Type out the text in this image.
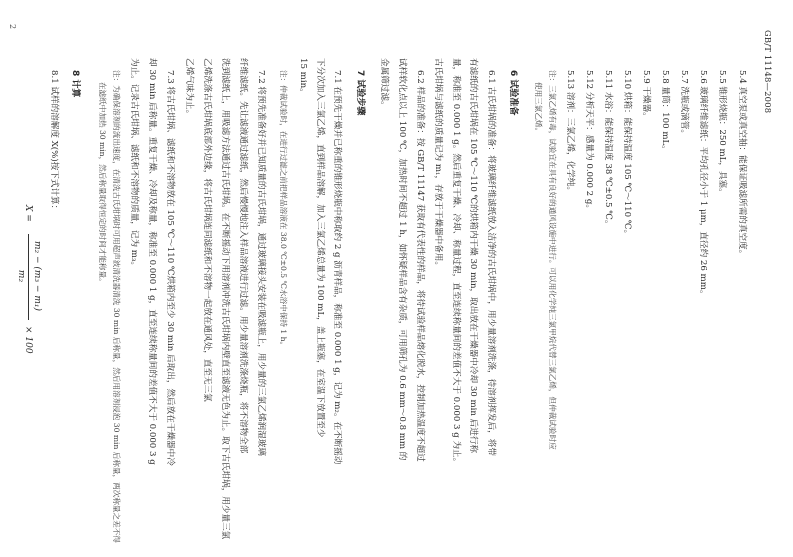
GB/T 11148—2008
5.4 真空泵或真空抽：能保证吸滤所需的真空度。
5.5 锥形烧瓶：250 mL，具塞。
5.6 玻璃纤维滤纸：平均孔径小于 1 μm，直径约 26 mm。
5.7 洗瓶或滴管。
5.8 量筒：100 mL。
5.9 干燥器。
5.10 烘箱：能保持温度 105 ℃～110 ℃。
5.11 水浴：能保持温度 38 ℃±0.5 ℃。
5.12 分析天平：感量为 0.000 2 g。
5.13 溶剂：三氯乙烯，化学纯。
注：三氯乙烯有毒，试验宜在具有良好的通风设施中进行。可以用化学纯三氯甲烷代替三氯乙烯，但仲裁试验时应
使用三氯乙烯。
6 试验准备
6.1 古氏坩埚的准备：将玻璃纤维滤纸放入洁净的古氏坩埚中，用少量溶剂洗涤，待溶剂挥发后，将带
有滤纸的古氏坩埚在 105 ℃～110 ℃的烘箱内干燥 30 min，取出放在干燥器中冷却 30 min 后进行称
量，称准至 0.000 1 g。然后重复干燥、冷却、称量过程，直至连续称量间的差值不大于 0.000 3 g 为止。
古氏坩埚与滤纸的质量记为 m₁，存放于干燥器中备用。
6.2 样品的准备：按 GB/T 11147 获取有代表性的样品，将待试验样品熔化脱水，控制加热温度不超过
试样软化点以上 100 ℃，加热时间不超过 1 h，如怀疑样品含有杂质，可用筛孔为 0.6 mm～0.8 mm 的
金属筛过滤。
7 试验步骤
7.1 在预先干燥并已称重的锥形烧瓶中称取约 2 g 沥青样品，称准至 0.000 1 g，记为 m₂。在不断摇动
下分次加入三氯乙烯，直到样品溶解，加入三氯乙烯总量为 100 mL，盖上瓶塞，在室温下放置至少
15 min。
注：仲裁试验时，在进行过滤之前把样品溶液在 38.0 ℃±0.5 ℃水浴中保持 1 h。
7.2 将预先准备好并已知质量的古氏坩埚，通过玻璃接头安装在吸滤瓶上，用少量的三氯乙烯润湿玻璃
纤维滤纸。先让滤液通过滤纸，然后慢慢地注入样品溶液进行过滤。用少量溶剂洗涤烧瓶，将不溶物全部
洗到滤纸上，用吸滤方法通过古氏坩埚。在不断摇动下用溶剂冲洗古氏坩埚内壁直至滤液无色为止。取下古氏坩埚，用少量三氯
乙烯洗涤古氏坩埚底部外边缘，将古氏坩埚连同滤纸和不溶物一起放在通风处，直至无三氯
乙烯气味为止。
7.3 将古氏坩埚、滤纸和不溶物放在 105 ℃～110 ℃烘箱内至少 30 min 后取出，然后放在干燥器中冷
却 30 min 后称量。重复干燥、冷却及称量，称准至 0.000 1 g，直至连续称量间的差值不大于 0.000 3 g
为止。记录古氏坩埚、滤纸和不溶物的质量，记为 m₃。
注：为确保溶剂的流出速度，在清洗古氏坩埚时可用超声波清洗器清洗 30 min 后称量，然后用溶剂浸泡 30 min 后称量，两次称量之差不得
在滤纸中加热 30 min，然后称量取得恒定的时间才能称量。
8 计算
8.1 试样的溶解度 X(%)按下式计算：
X =
m₂ − (m₃ − m₁)
m₂
× 100
2
